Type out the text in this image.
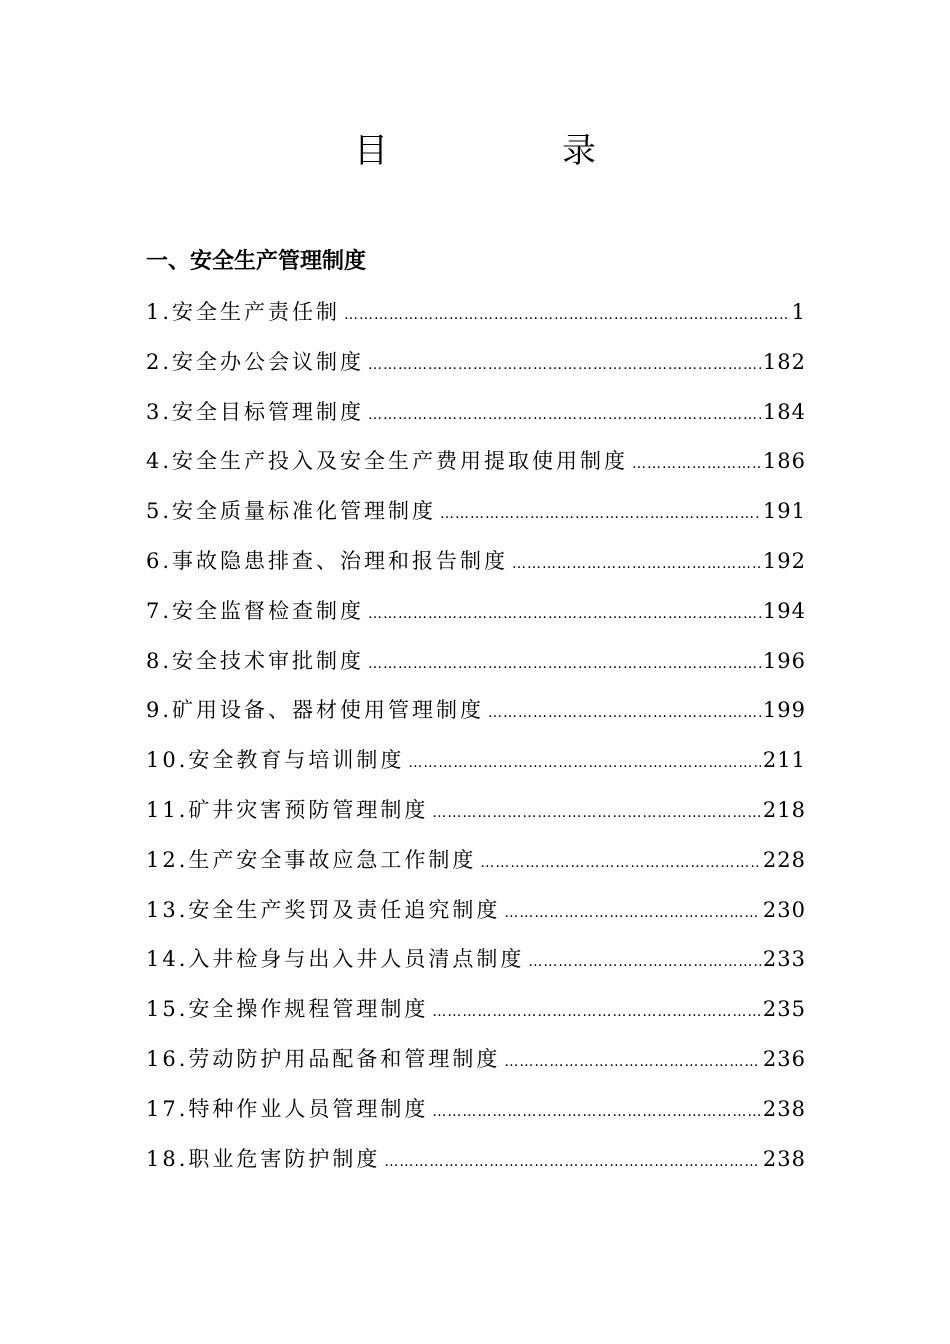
目　录
一、安全生产管理制度
1.安全生产责任制 ……………………………………………………………………………………………………………………………………………………	1
2.安全办公会议制度 ……………………………………………………………………………………………………………………………………………………	182
3.安全目标管理制度 ……………………………………………………………………………………………………………………………………………………	184
4.安全生产投入及安全生产费用提取使用制度 ……………………………………………………………………………………………………………………………………………………	186
5.安全质量标准化管理制度 ……………………………………………………………………………………………………………………………………………………	191
6.事故隐患排查、治理和报告制度 ……………………………………………………………………………………………………………………………………………………	192
7.安全监督检查制度 ……………………………………………………………………………………………………………………………………………………	194
8.安全技术审批制度 ……………………………………………………………………………………………………………………………………………………	196
9.矿用设备、器材使用管理制度 ……………………………………………………………………………………………………………………………………………………	199
10.安全教育与培训制度 ……………………………………………………………………………………………………………………………………………………	211
11.矿井灾害预防管理制度 ……………………………………………………………………………………………………………………………………………………	218
12.生产安全事故应急工作制度 ……………………………………………………………………………………………………………………………………………………	228
13.安全生产奖罚及责任追究制度 ……………………………………………………………………………………………………………………………………………………	230
14.入井检身与出入井人员清点制度 ……………………………………………………………………………………………………………………………………………………	233
15.安全操作规程管理制度 ……………………………………………………………………………………………………………………………………………………	235
16.劳动防护用品配备和管理制度 ……………………………………………………………………………………………………………………………………………………	236
17.特种作业人员管理制度 ……………………………………………………………………………………………………………………………………………………	238
18.职业危害防护制度 ……………………………………………………………………………………………………………………………………………………	238
